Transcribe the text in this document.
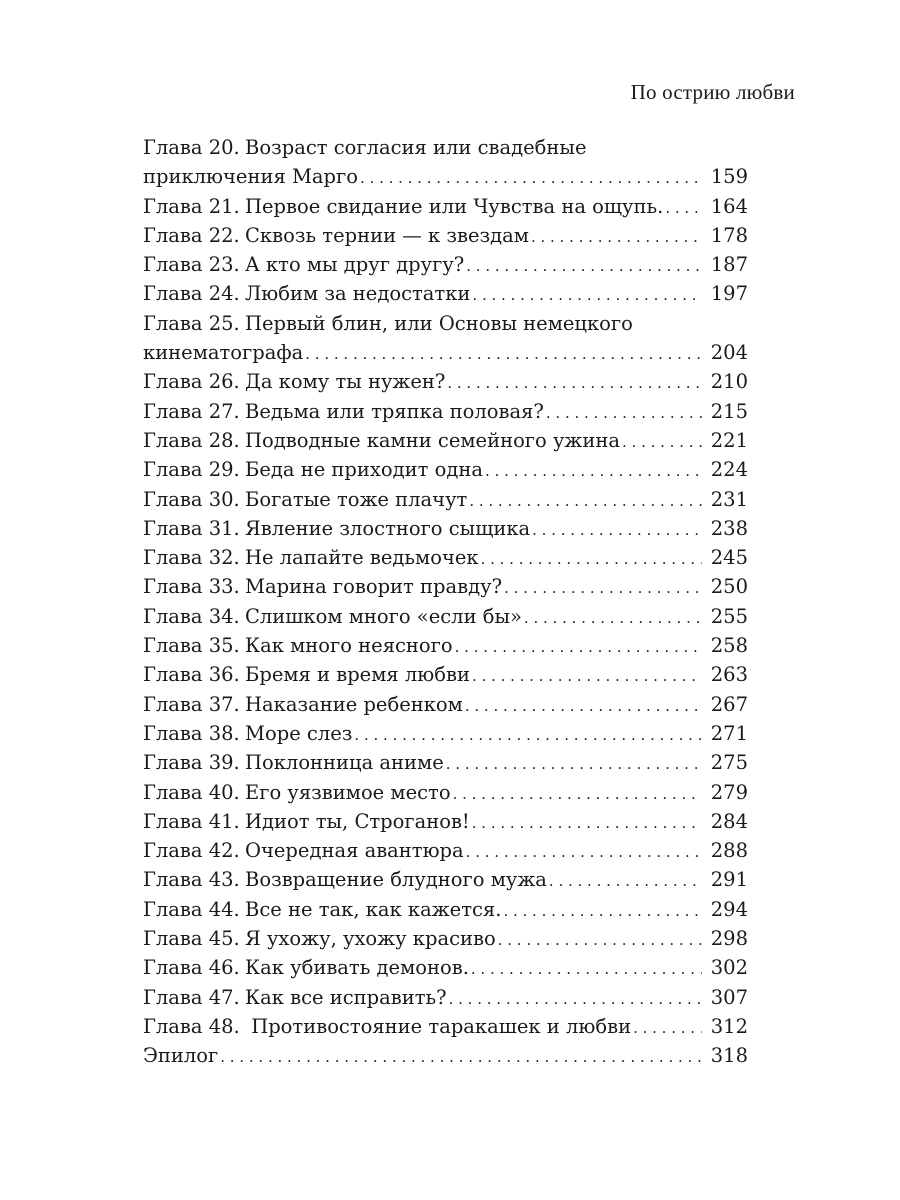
По острию любви
Глава 20. Возраст согласия или свадебные
приключения Марго . . .	159
Глава 21. Первое свидание или Чувства на ощупь. . . . 164
Глава 22. Сквозь тернии — к звездам . . .	178
Глава 23. А кто мы друг другу? . . .	187
Глава 24. Любим за недостатки . . .	197
Глава 25. Первый блин, или Основы немецкого
кинематографа . . .	204
Глава 26. Да кому ты нужен? . . .	210
Глава 27. Ведьма или тряпка половая? . . .	215
Глава 28. Подводные камни семейного ужина . . .	221
Глава 29. Беда не приходит одна . . .	224
Глава 30. Богатые тоже плачут . . .	231
Глава 31. Явление злостного сыщика . . .	238
Глава 32. Не лапайте ведьмочек . . .	245
Глава 33. Марина говорит правду? . . .	250
Глава 34. Слишком много «если бы» . . .	255
Глава 35. Как много неясного . . .	258
Глава 36. Бремя и время любви . . .	263
Глава 37. Наказание ребенком . . .	267
Глава 38. Море слез . . .	271
Глава 39. Поклонница аниме . . .	275
Глава 40. Его уязвимое место . . .	279
Глава 41. Идиот ты, Строганов! . . .	284
Глава 42. Очередная авантюра . . .	288
Глава 43. Возвращение блудного мужа . . .	291
Глава 44. Все не так, как кажется. . . .	294
Глава 45. Я ухожу, ухожу красиво . . .	298
Глава 46. Как убивать демонов. . . .	302
Глава 47. Как все исправить? . . .	307
Глава 48. Противостояние таракашек и любви . . .	312
Эпилог . . .	318
